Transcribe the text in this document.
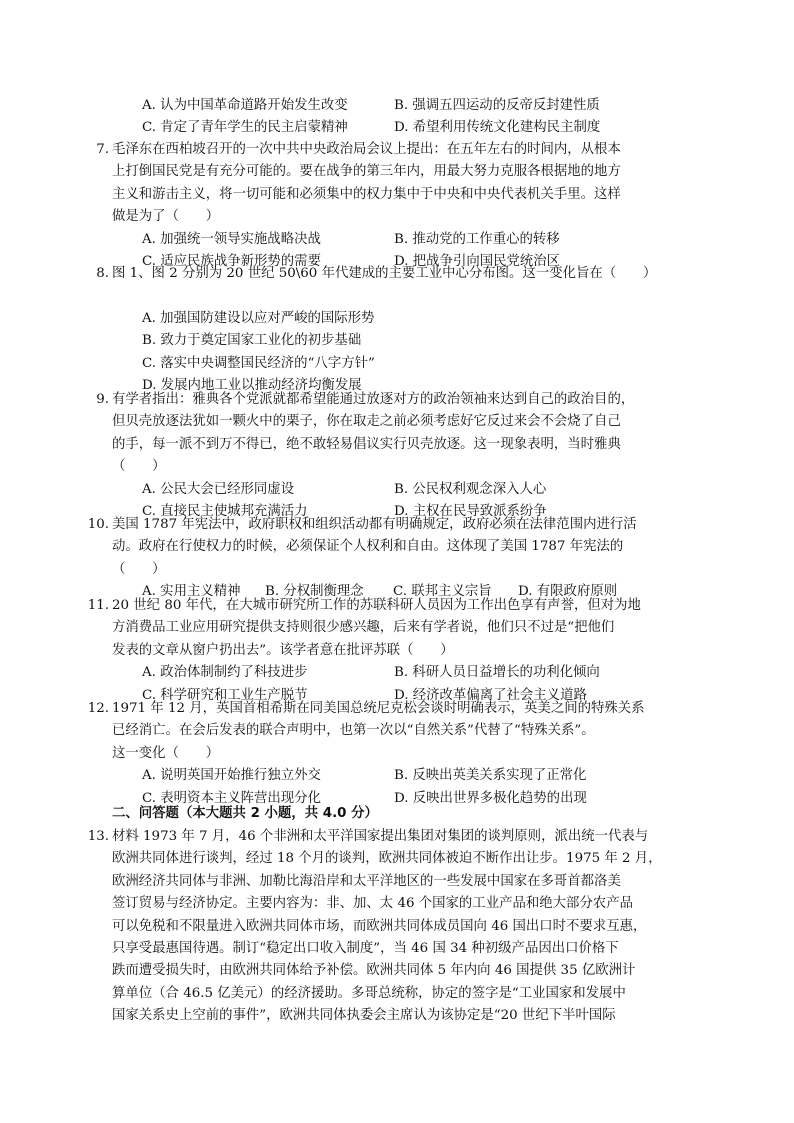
A. 认为中国革命道路开始发生改变	B. 强调五四运动的反帝反封建性质
C. 肯定了青年学生的民主启蒙精神	D. 希望利用传统文化建构民主制度
7. 毛泽东在西柏坡召开的一次中共中央政治局会议上提出：在五年左右的时间内，从根本
上打倒国民党是有充分可能的。要在战争的第三年内，用最大努力克服各根据地的地方
主义和游击主义，将一切可能和必须集中的权力集中于中央和中央代表机关手里。这样
做是为了（　　）
A. 加强统一领导实施战略决战	B. 推动党的工作重心的转移
C. 适应民族战争新形势的需要	D. 把战争引向国民党统治区
8. 图 1、图 2 分别为 20 世纪 50\60 年代建成的主要工业中心分布图。这一变化旨在（　　）
A. 加强国防建设以应对严峻的国际形势
B. 致力于奠定国家工业化的初步基础
C. 落实中央调整国民经济的“八字方针”
D. 发展内地工业以推动经济均衡发展
9. 有学者指出：雅典各个党派就都希望能通过放逐对方的政治领袖来达到自己的政治目的，
但贝壳放逐法犹如一颗火中的栗子，你在取走之前必须考虑好它反过来会不会烧了自己
的手，每一派不到万不得已，绝不敢轻易倡议实行贝壳放逐。这一现象表明，当时雅典
（　　）
A. 公民大会已经形同虚设	B. 公民权利观念深入人心
C. 直接民主使城邦充满活力	D. 主权在民导致派系纷争
10. 美国 1787 年宪法中，政府职权和组织活动都有明确规定，政府必须在法律范围内进行活
动。政府在行使权力的时候，必须保证个人权利和自由。这体现了美国 1787 年宪法的
（　　）
A. 实用主义精神 B. 分权制衡理念 C. 联邦主义宗旨 D. 有限政府原则
11. 20 世纪 80 年代，在大城市研究所工作的苏联科研人员因为工作出色享有声誉，但对为地
方消费品工业应用研究提供支持则很少感兴趣，后来有学者说，他们只不过是“把他们
发表的文章从窗户扔出去”。该学者意在批评苏联（　　）
A. 政治体制制约了科技进步	B. 科研人员日益增长的功利化倾向
C. 科学研究和工业生产脱节	D. 经济改革偏离了社会主义道路
12. 1971 年 12 月，英国首相希斯在同美国总统尼克松会谈时明确表示，英美之间的特殊关系
已经消亡。在会后发表的联合声明中，也第一次以“自然关系”代替了“特殊关系”。
这一变化（　　）
A. 说明英国开始推行独立外交	B. 反映出英美关系实现了正常化
C. 表明资本主义阵营出现分化	D. 反映出世界多极化趋势的出现
二、问答题（本大题共 2 小题，共 4.0 分）
13. 材料 1973 年 7 月，46 个非洲和太平洋国家提出集团对集团的谈判原则，派出统一代表与
欧洲共同体进行谈判，经过 18 个月的谈判，欧洲共同体被迫不断作出让步。1975 年 2 月，
欧洲经济共同体与非洲、加勒比海沿岸和太平洋地区的一些发展中国家在多哥首都洛美
签订贸易与经济协定。主要内容为：非、加、太 46 个国家的工业产品和绝大部分农产品
可以免税和不限量进入欧洲共同体市场，而欧洲共同体成员国向 46 国出口时不要求互惠，
只享受最惠国待遇。制订“稳定出口收入制度”，当 46 国 34 种初级产品因出口价格下
跌而遭受损失时，由欧洲共同体给予补偿。欧洲共同体 5 年内向 46 国提供 35 亿欧洲计
算单位（合 46.5 亿美元）的经济援助。多哥总统称，协定的签字是“工业国家和发展中
国家关系史上空前的事件”，欧洲共同体执委会主席认为该协定是“20 世纪下半叶国际
